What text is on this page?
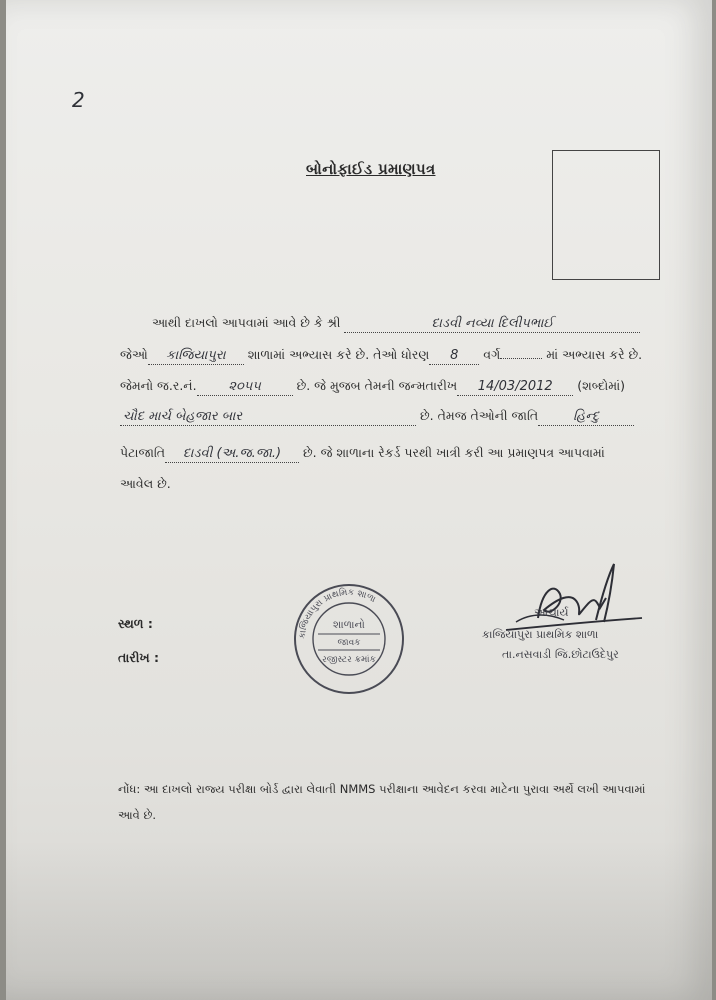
2
બોનોફાઈડ પ્રમાણપત્ર
આથી દાખલો આપવામાં આવે છે કે શ્રી	દાડવી નવ્યા દિલીપભાઈ
જેઓ કાજિયાપુરા શાળામાં અભ્યાસ કરે છે. તેઓ ધોરણ 8 વર્ગ	માં અભ્યાસ કરે છે.
જેમનો જ.ર.નં. ૨૦૫૫	છે. જે મુજબ તેમની જન્મતારીખ 14/03/2012 (શબ્દોમાં)
ચૌદ માર્ચ બેહજાર બાર	છે. તેમજ તેઓની જાતિ	હિન્દુ
પેટાજાતિ દાડવી (અ.જ.જા.) છે. જે શાળાના રેકર્ડ પરથી ખાત્રી કરી આ પ્રમાણપત્ર આપવામાં
આવેલ છે.
સ્થળ :
તારીખ :
કાજિયાપુરા પ્રાથમિક શાળા
શાળાનો
જાવક
રજીસ્ટર ક્રમાંક
આચાર્ય
કાજિયાપુરા પ્રાથમિક શાળા
તા.નસવાડી જિ.છોટાઉદેપુર
નોંધ: આ દાખલો રાજ્ય પરીક્ષા બોર્ડ દ્વારા લેવાતી NMMS પરીક્ષાના આવેદન કરવા માટેના પુરાવા અર્થે લખી આપવામાં આવે છે.
